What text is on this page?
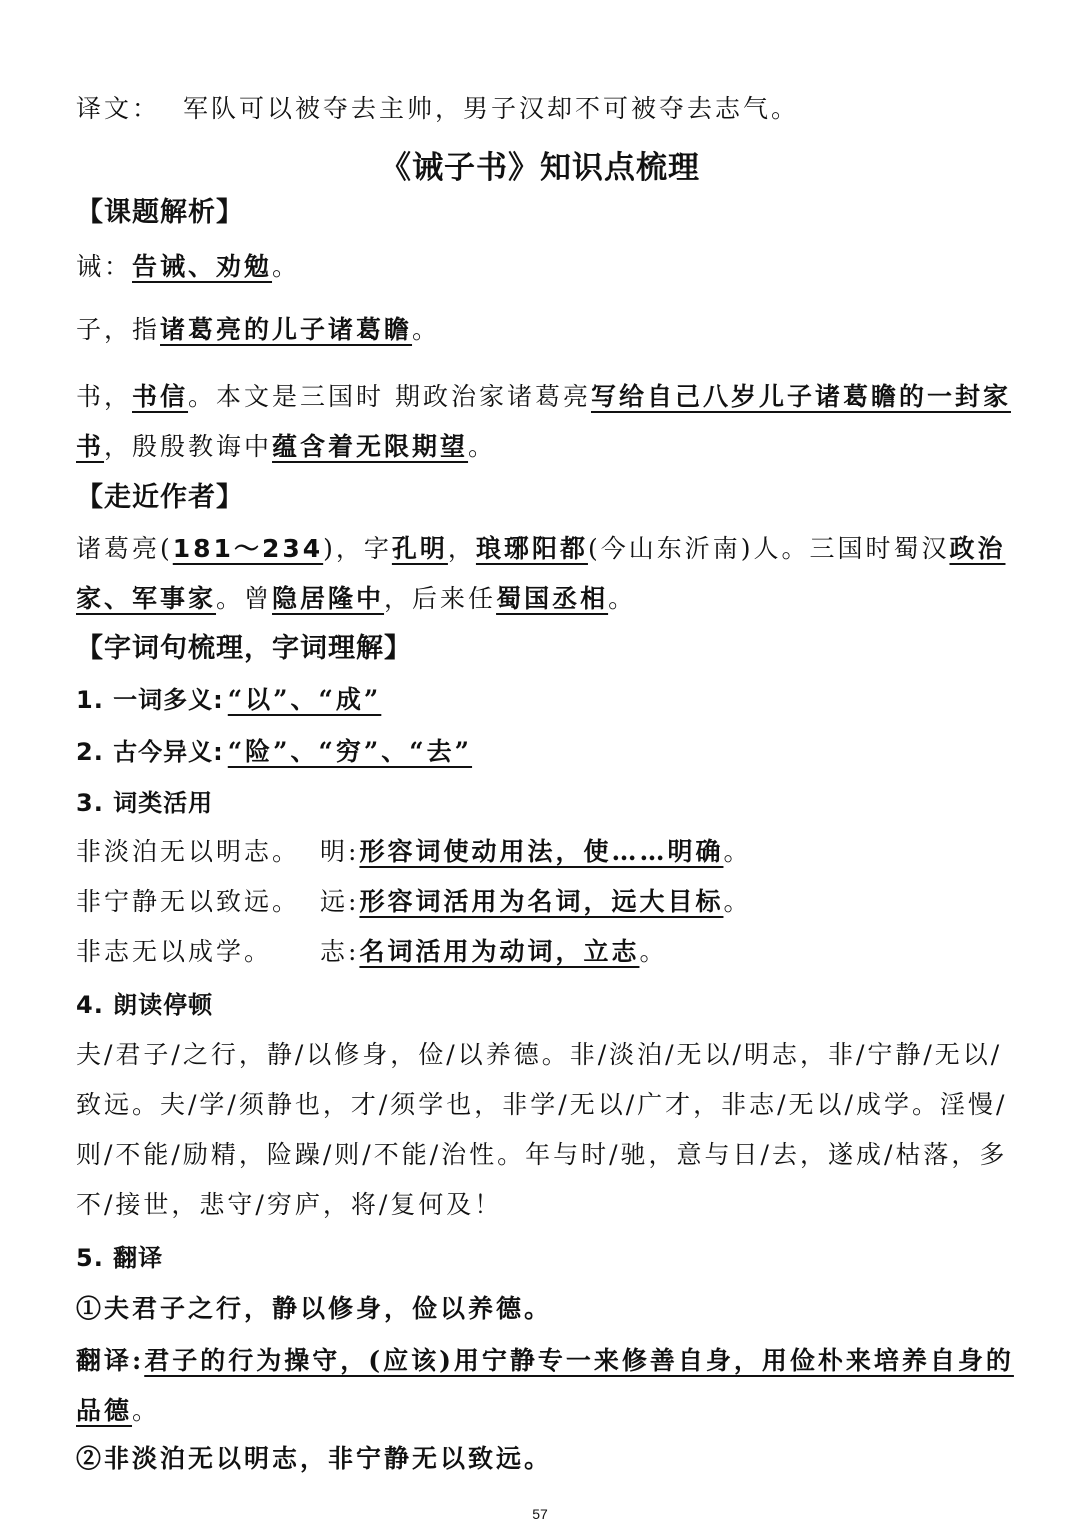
译文： 军队可以被夺去主帅，男子汉却不可被夺去志气。
《诫子书》知识点梳理
【课题解析】
诫：告诫、劝勉。
子，指诸葛亮的儿子诸葛瞻。
书，书信。本文是三国时 期政治家诸葛亮写给自己八岁儿子诸葛瞻的一封家书，殷殷教诲中蕴含着无限期望。
【走近作者】
诸葛亮(181～234)，字孔明，琅琊阳都(今山东沂南)人。三国时蜀汉政治家、军事家。曾隐居隆中，后来任蜀国丞相。
【字词句梳理，字词理解】
1. 一词多义: “以”、“成”
2. 古今异义: “险”、“穷”、“去”
3. 词类活用
非淡泊无以明志。 明:形容词使动用法，使……明确。
非宁静无以致远。 远:形容词活用为名词，远大目标。
非志无以成学。 志:名词活用为动词，立志。
4. 朗读停顿
夫/君子/之行，静/以修身，俭/以养德。非/淡泊/无以/明志，非/宁静/无以/致远。夫/学/须静也，才/须学也，非学/无以/广才，非志/无以/成学。淫慢/则/不能/励精，险躁/则/不能/治性。年与时/驰，意与日/去，遂成/枯落，多不/接世，悲守/穷庐，将/复何及！
5. 翻译
①夫君子之行，静以修身，俭以养德。
翻译:君子的行为操守，(应该)用宁静专一来修善自身，用俭朴来培养自身的品德。
②非淡泊无以明志，非宁静无以致远。
57
